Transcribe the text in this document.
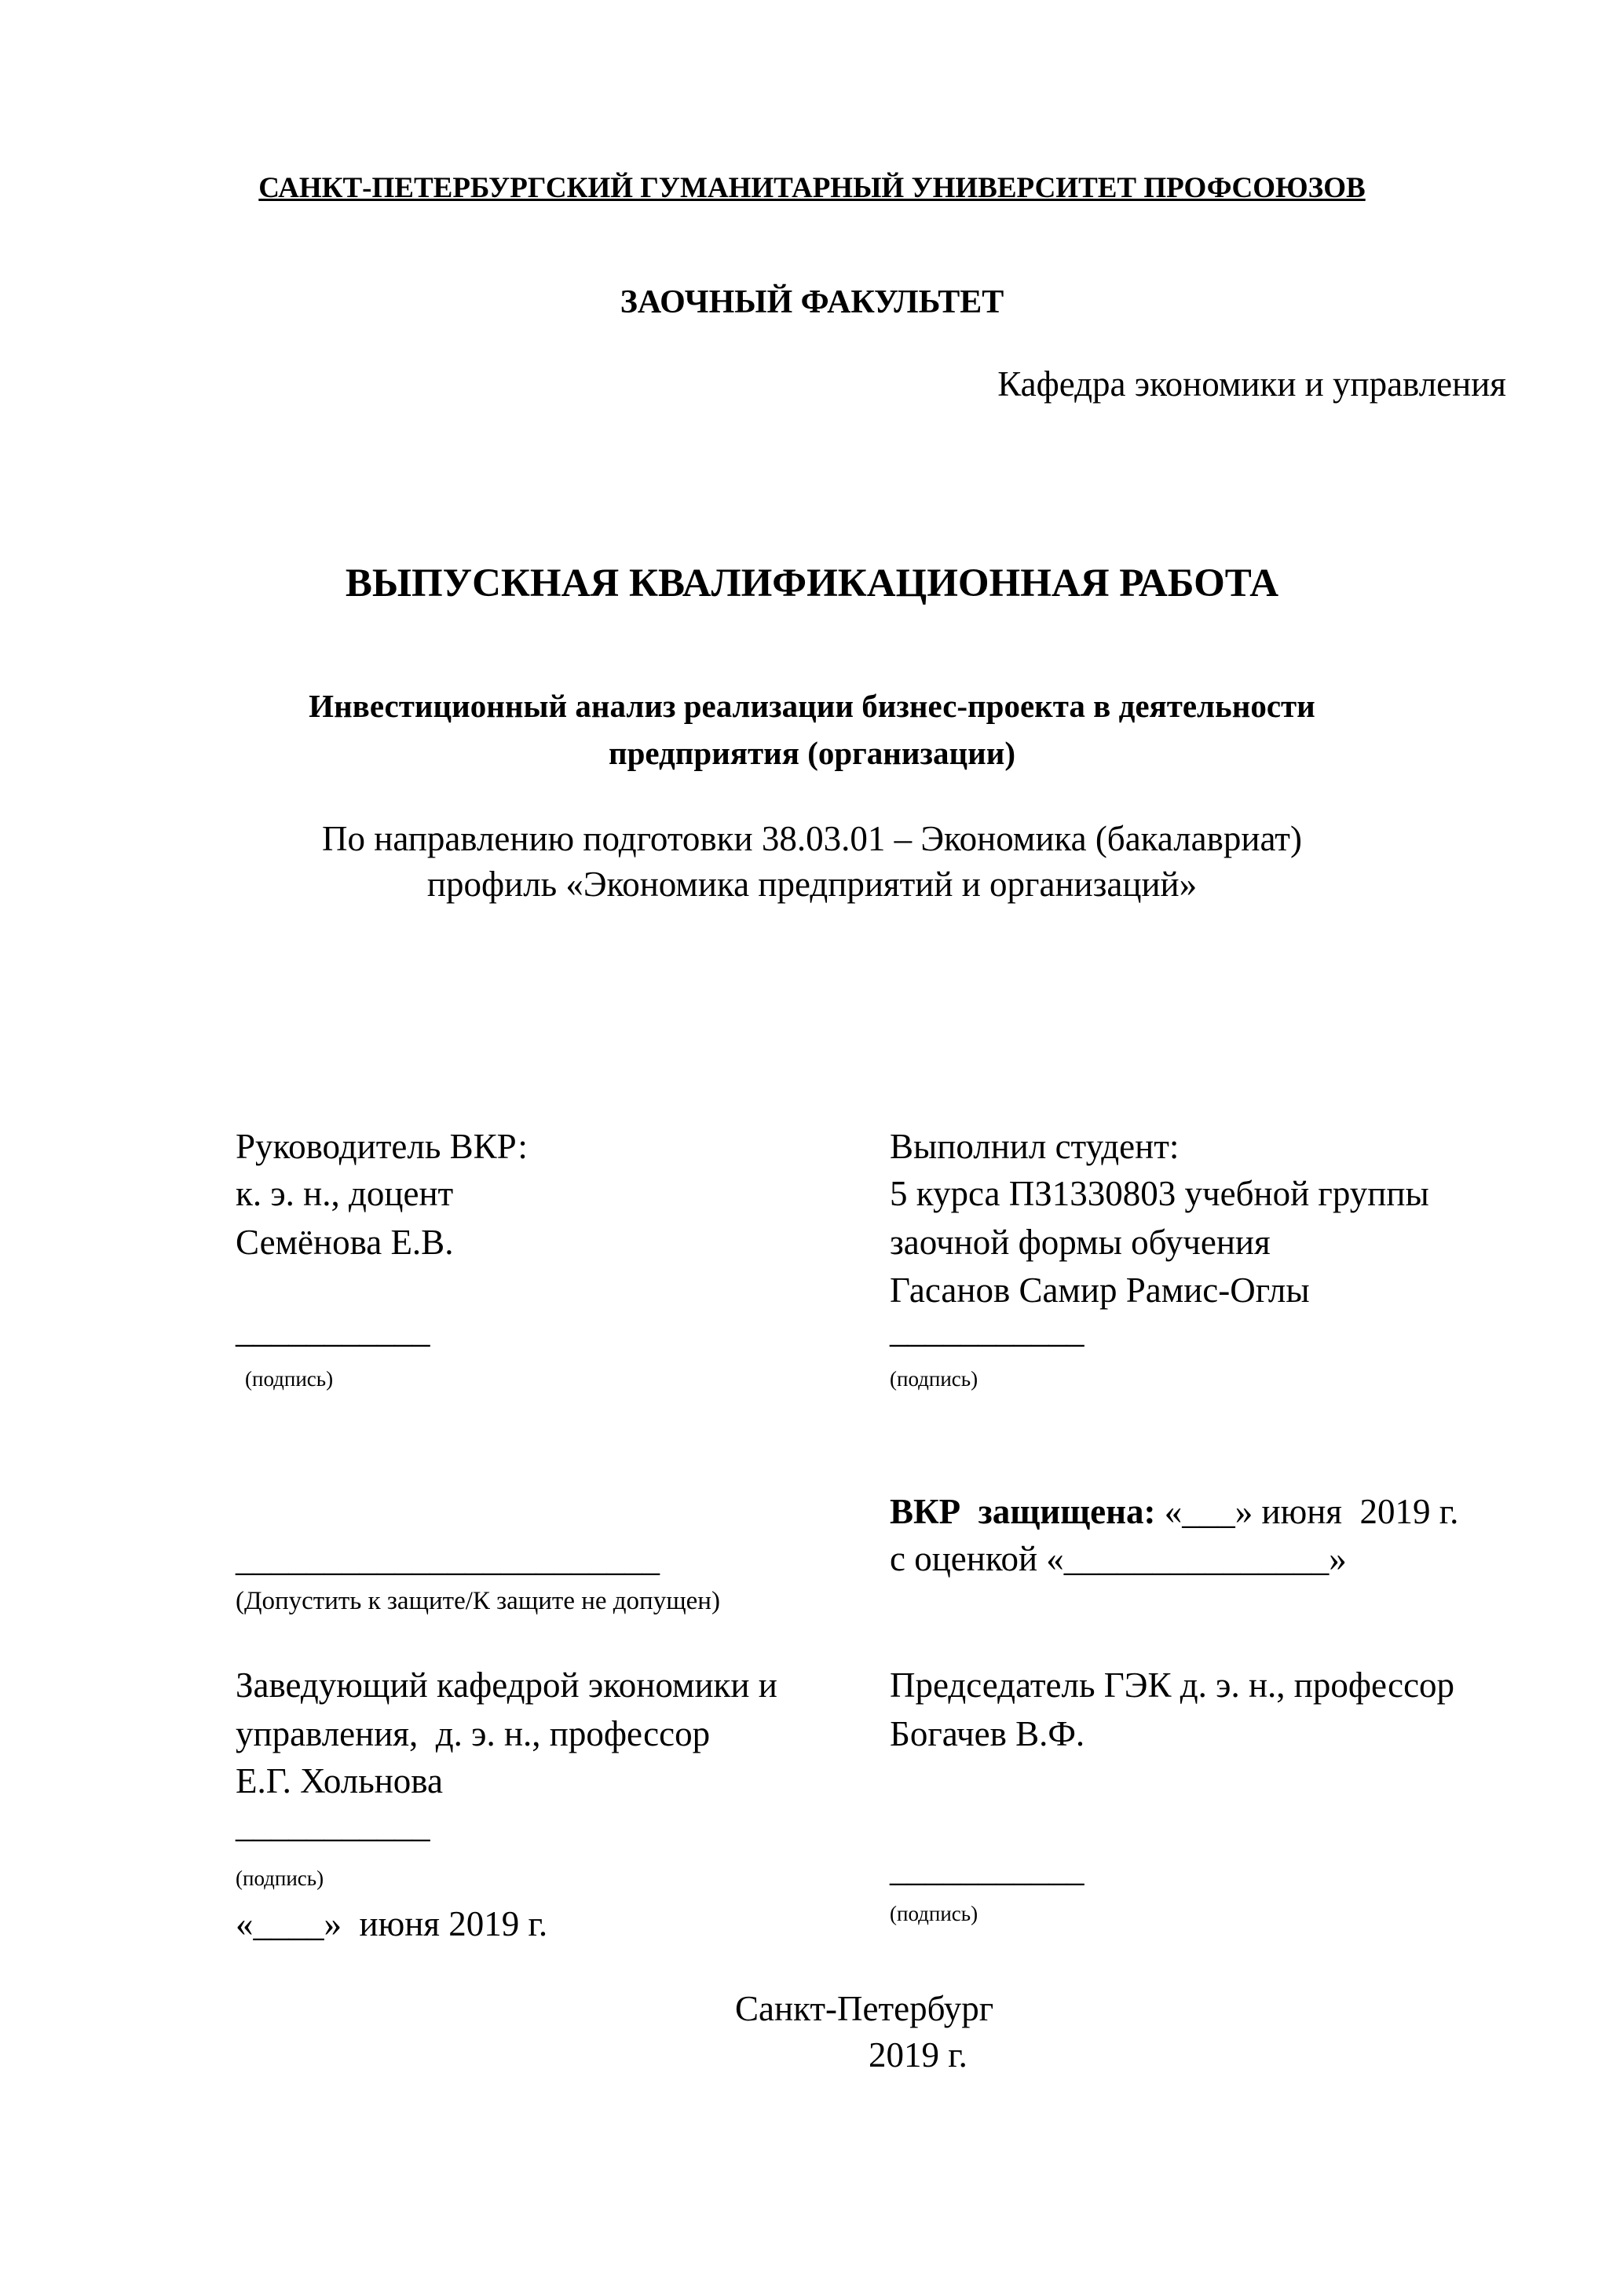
САНКТ-ПЕТЕРБУРГСКИЙ ГУМАНИТАРНЫЙ УНИВЕРСИТЕТ ПРОФСОЮЗОВ
ЗАОЧНЫЙ ФАКУЛЬТЕТ
Кафедра экономики и управления
ВЫПУСКНАЯ КВАЛИФИКАЦИОННАЯ РАБОТА
Инвестиционный анализ реализации бизнес-проекта в деятельности
предприятия (организации)
По направлению подготовки 38.03.01 – Экономика (бакалавриат)
профиль «Экономика предприятий и организаций»
Руководитель ВКР:
к. э. н., доцент
Семёнова Е.В.
___________
(подпись)
________________________
(Допустить к защите/К защите не допущен)
Заведующий кафедрой экономики и
управления,  д. э. н., профессор
Е.Г. Хольнова
___________
(подпись)
«____»  июня 2019 г.
Выполнил студент:
5 курса ПЗ1330803 учебной группы
заочной формы обучения
Гасанов Самир Рамис-Оглы
___________
(подпись)
ВКР  защищена: «___» июня  2019 г.
с оценкой «_______________»
Председатель ГЭК д. э. н., профессор
Богачев В.Ф.
___________
(подпись)
Санкт-Петербург
2019 г.
